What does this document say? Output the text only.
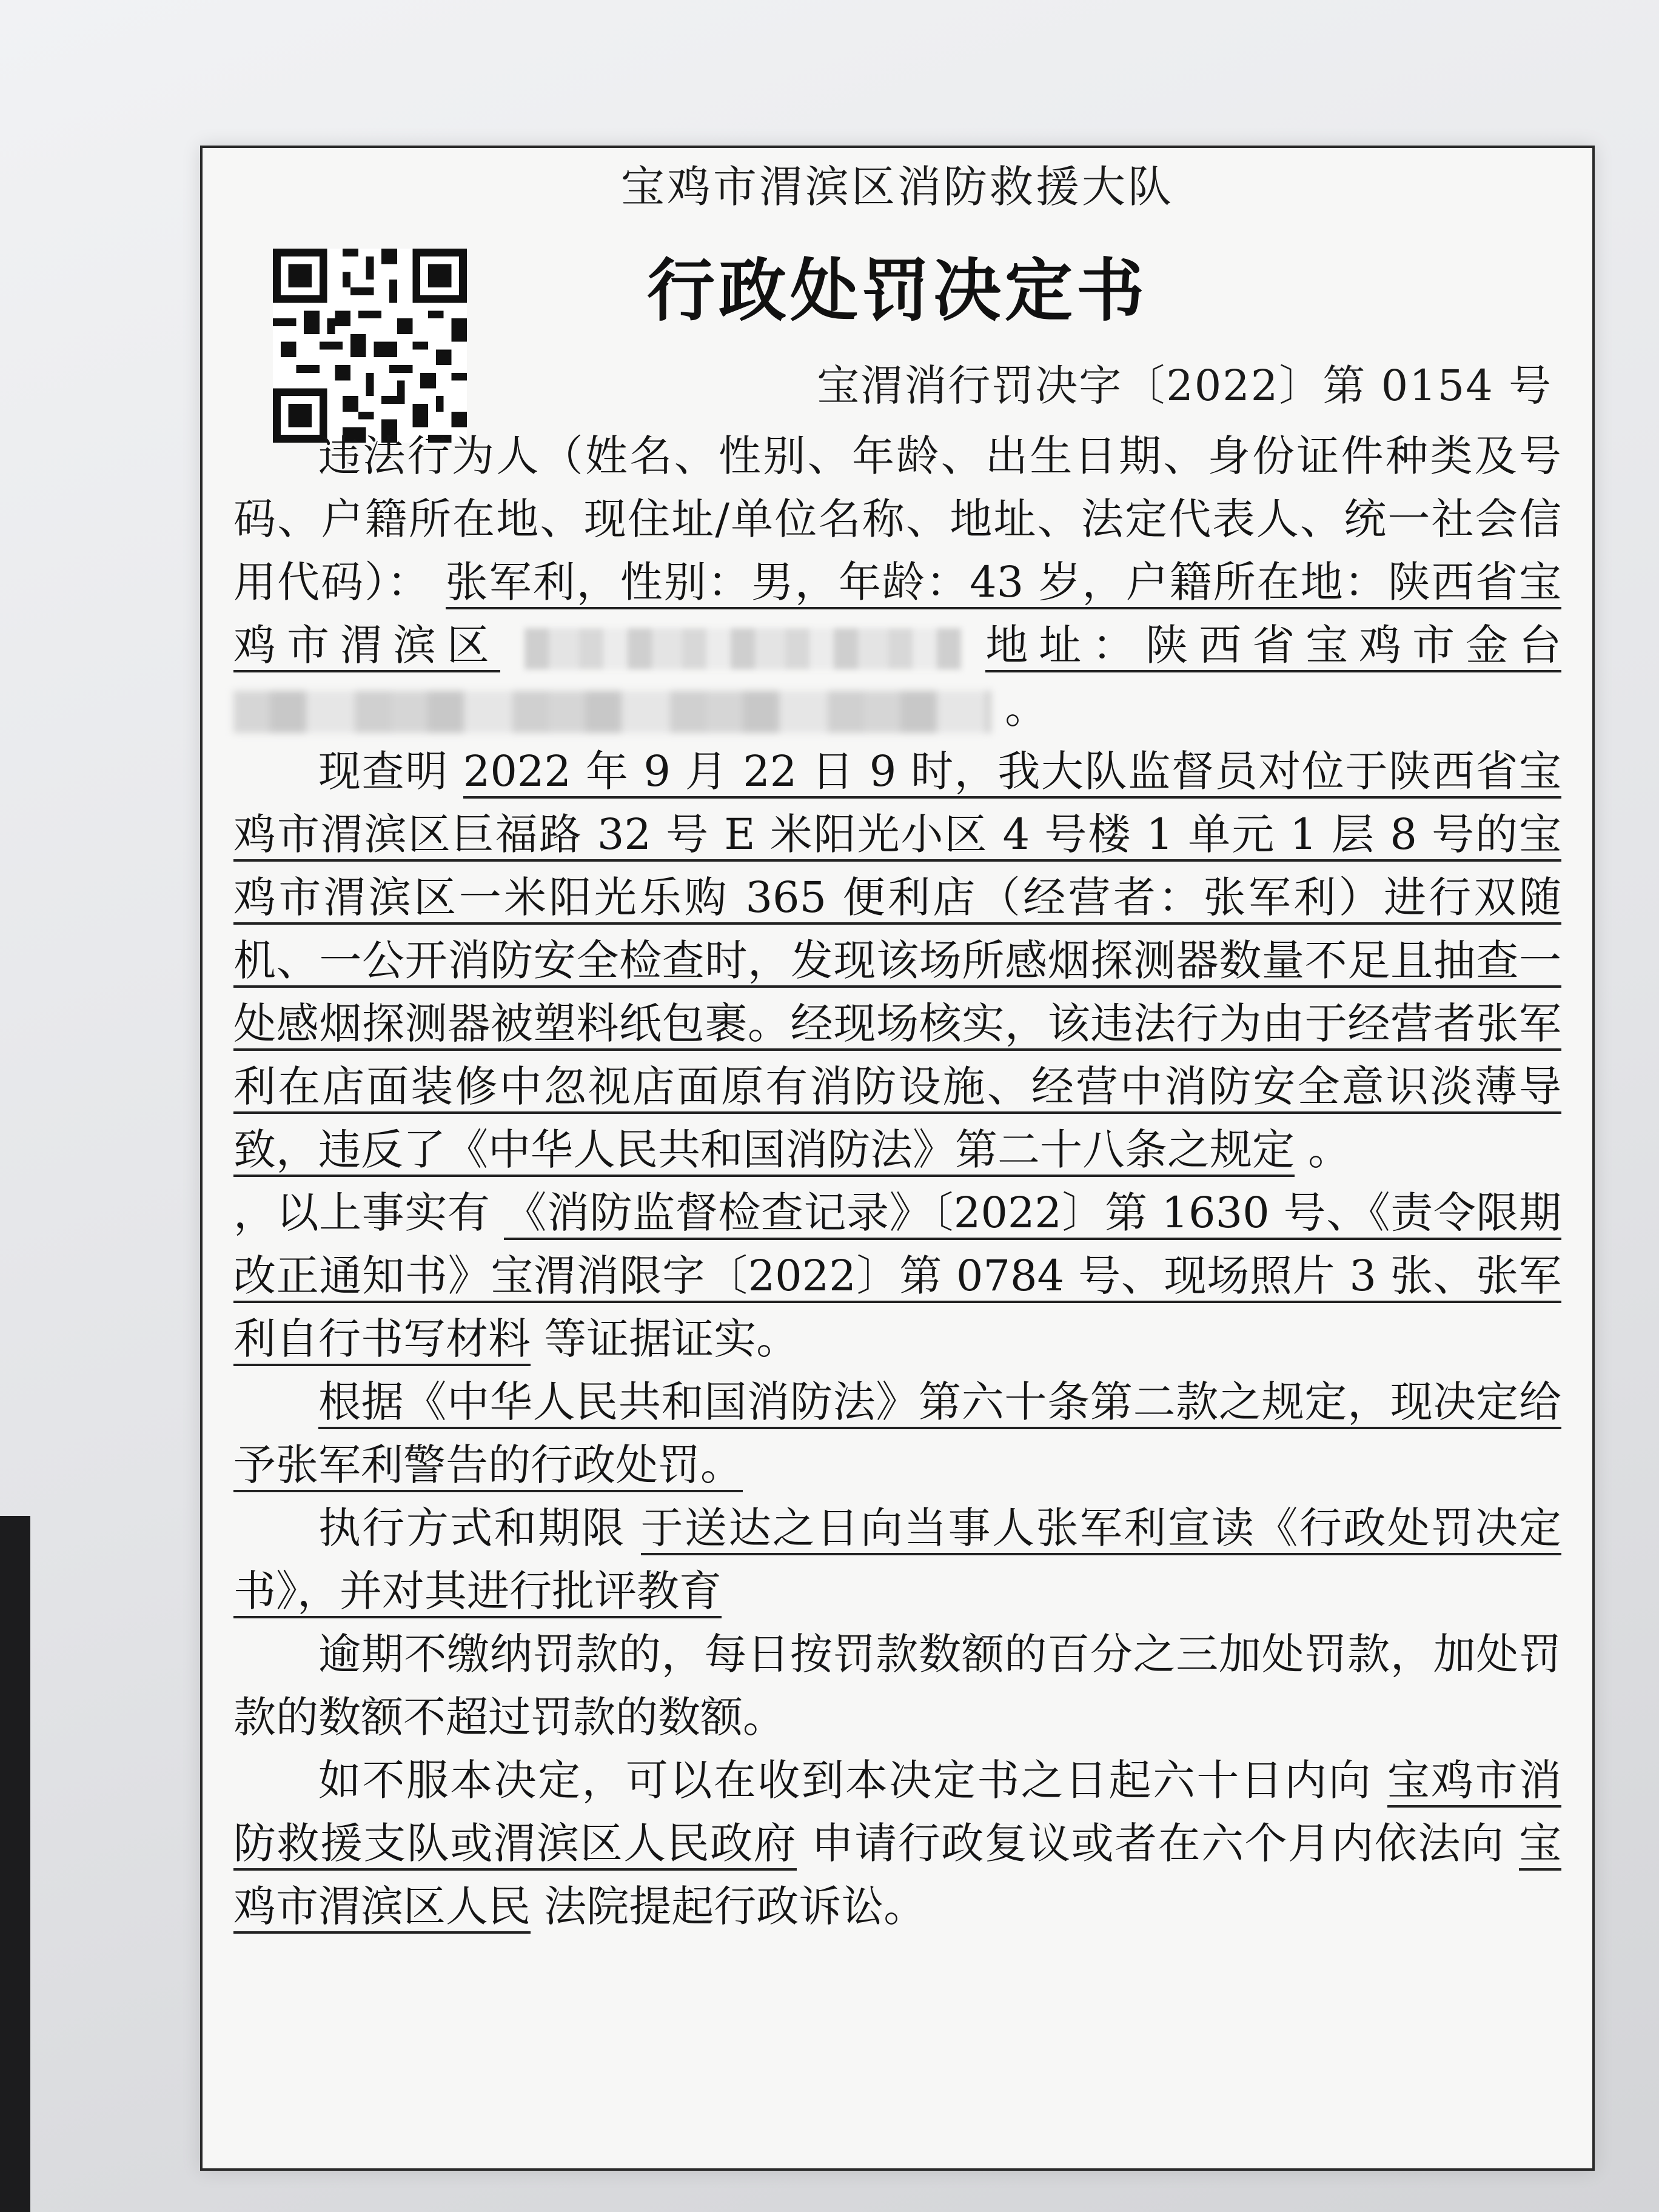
宝鸡市渭滨区消防救援大队
行政处罚决定书
宝渭消行罚决字〔2022〕第 0154 号

违法行为人（姓名、性别、年龄、出生日期、身份证件种类及号码、户籍所在地、现住址/单位名称、地址、法定代表人、统一社会信用代码）： 张军利，性别：男，年龄：43 岁，户籍所在地：陕西省宝鸡市渭滨区	地址：陕西省宝鸡市金台  。

现查明 2022 年 9 月 22 日 9 时，我大队监督员对位于陕西省宝鸡市渭滨区巨福路 32 号 E 米阳光小区 4 号楼 1 单元 1 层 8 号的宝鸡市渭滨区一米阳光乐购 365 便利店（经营者：张军利）进行双随机、一公开消防安全检查时，发现该场所感烟探测器数量不足且抽查一处感烟探测器被塑料纸包裹。经现场核实，该违法行为由于经营者张军利在店面装修中忽视店面原有消防设施、经营中消防安全意识淡薄导致，违反了《中华人民共和国消防法》第二十八条之规定 。

，以上事实有 《消防监督检查记录》〔2022〕第 1630 号、《责令限期改正通知书》宝渭消限字〔2022〕第 0784 号、现场照片 3 张、张军利自行书写材料 等证据证实。

根据《中华人民共和国消防法》第六十条第二款之规定，现决定给予张军利警告的行政处罚。

执行方式和期限 于送达之日向当事人张军利宣读《行政处罚决定书》，并对其进行批评教育

逾期不缴纳罚款的，每日按罚款数额的百分之三加处罚款，加处罚款的数额不超过罚款的数额。

如不服本决定，可以在收到本决定书之日起六十日内向 宝鸡市消防救援支队或渭滨区人民政府 申请行政复议或者在六个月内依法向 宝鸡市渭滨区人民 法院提起行政诉讼。
